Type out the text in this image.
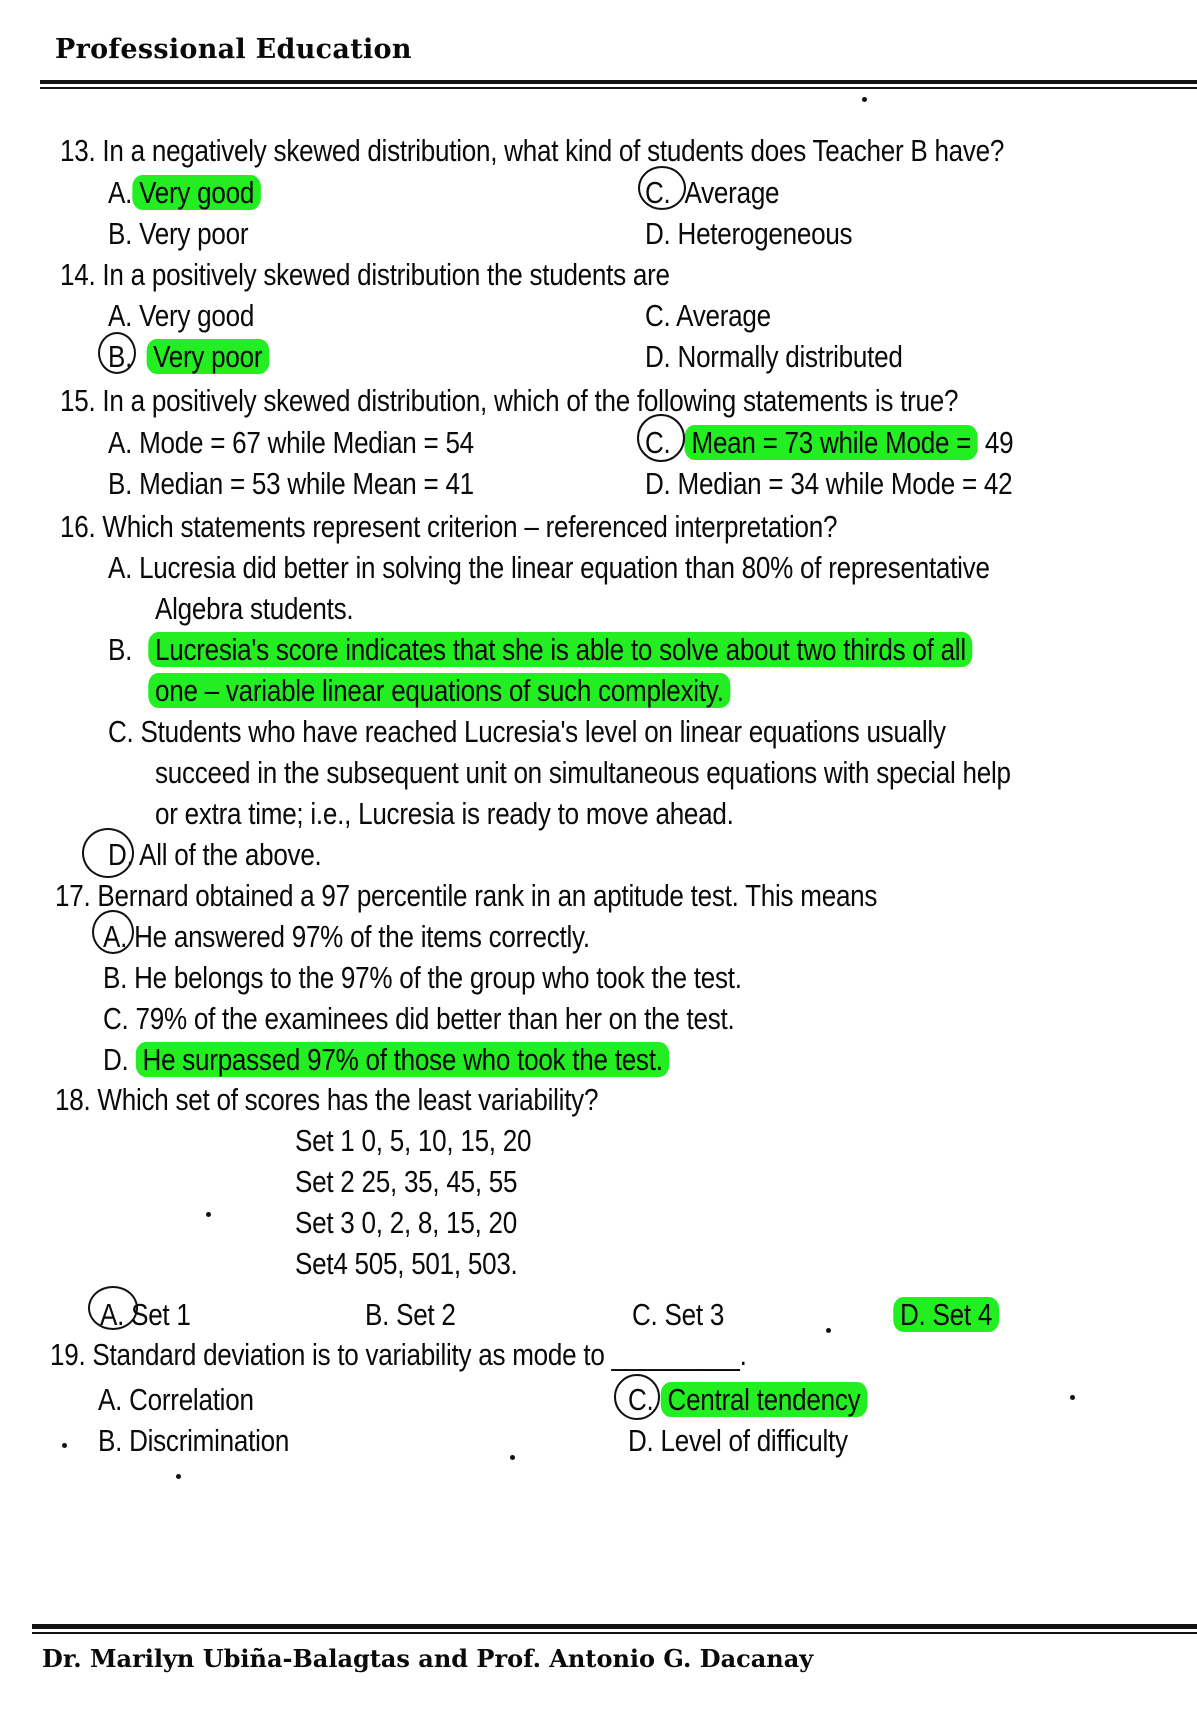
Professional Education
13. In a negatively skewed distribution, what kind of students does Teacher B have?
A. Very good
B. Very poor
C. Average
D. Heterogeneous
14. In a positively skewed distribution the students are
A. Very good
B. Very poor
C. Average
D. Normally distributed
15. In a positively skewed distribution, which of the following statements is true?
A. Mode = 67 while Median = 54
B. Median = 53 while Mean = 41
C. Mean = 73 while Mode = 49
D. Median = 34 while Mode = 42
16. Which statements represent criterion – referenced interpretation?
A. Lucresia did better in solving the linear equation than 80% of representative
Algebra students.
B. Lucresia's score indicates that she is able to solve about two thirds of all
one – variable linear equations of such complexity.
C. Students who have reached Lucresia's level on linear equations usually
succeed in the subsequent unit on simultaneous equations with special help
or extra time; i.e., Lucresia is ready to move ahead.
D. All of the above.
17. Bernard obtained a 97 percentile rank in an aptitude test. This means
A. He answered 97% of the items correctly.
B. He belongs to the 97% of the group who took the test.
C. 79% of the examinees did better than her on the test.
D. He surpassed 97% of those who took the test.
18. Which set of scores has the least variability?
Set 1 0, 5, 10, 15, 20
Set 2 25, 35, 45, 55
Set 3 0, 2, 8, 15, 20
Set4 505, 501, 503.
A. Set 1	B. Set 2	C. Set 3	D. Set 4
19. Standard deviation is to variability as mode to _________.
A. Correlation
B. Discrimination
C. Central tendency
D. Level of difficulty
Dr. Marilyn Ubiña-Balagtas and Prof. Antonio G. Dacanay
